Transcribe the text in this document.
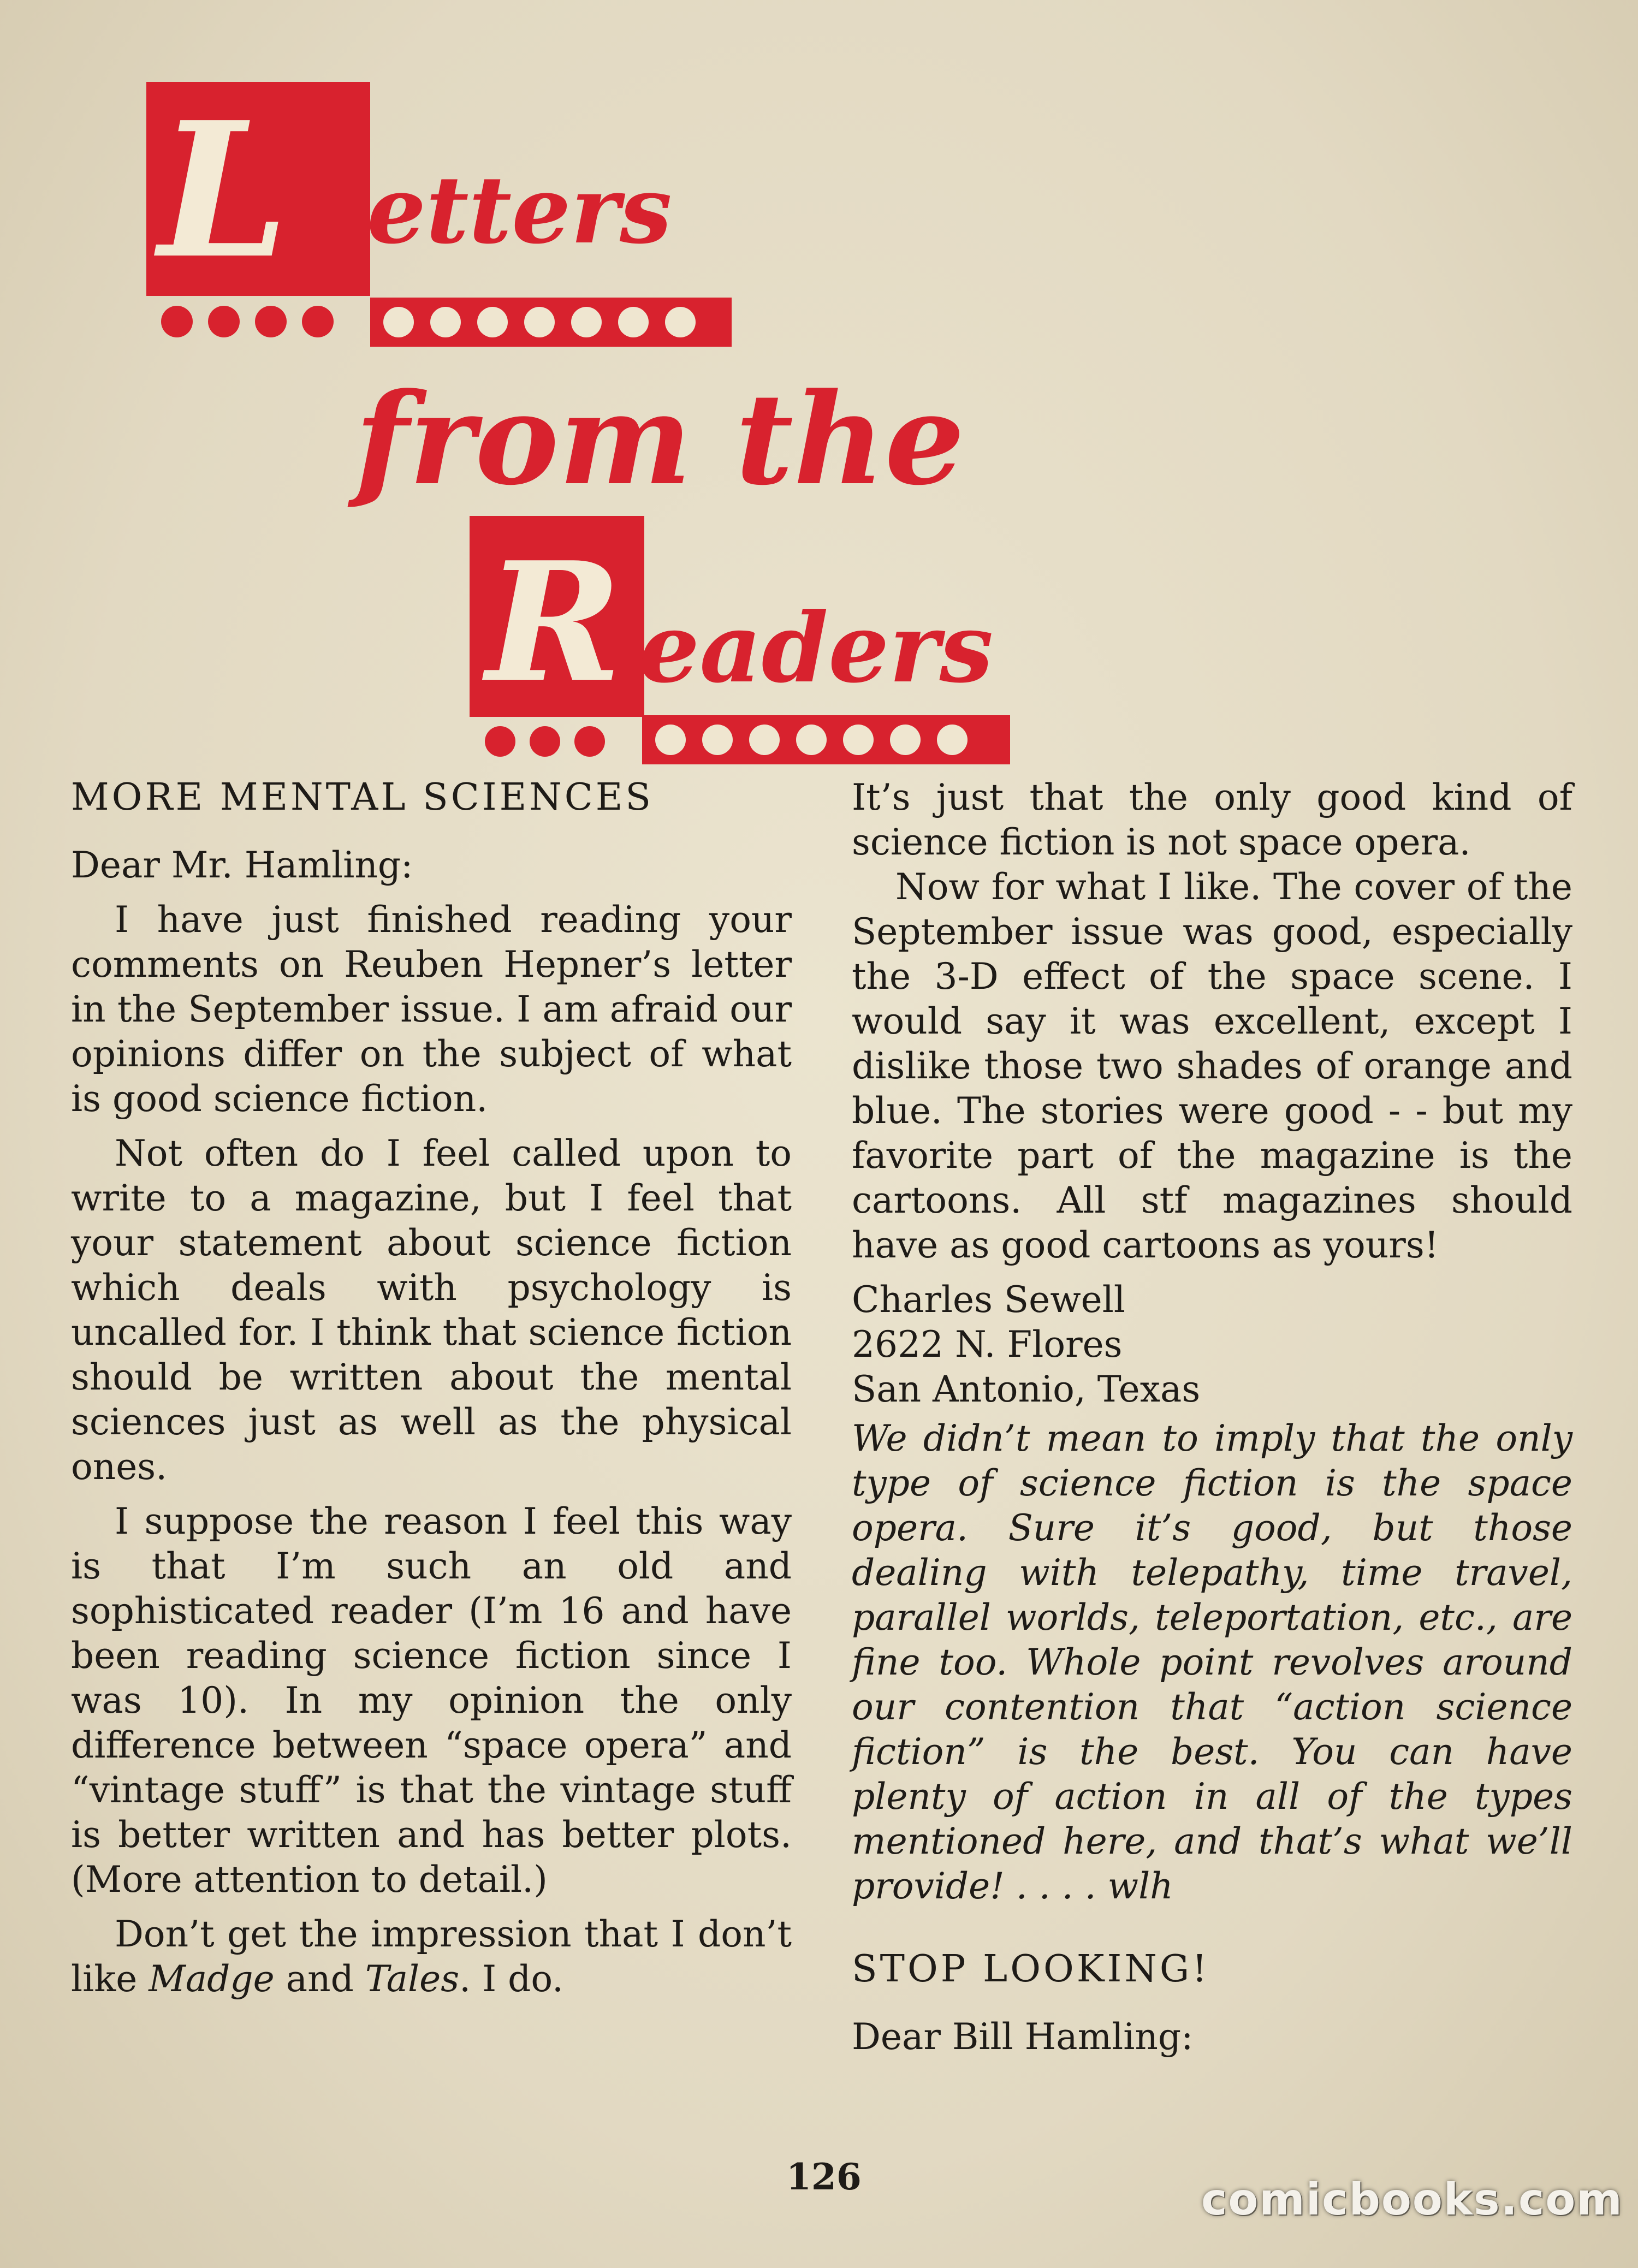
L etters
from the
R eaders
MORE MENTAL SCIENCES

Dear Mr. Hamling:

I have just finished reading your comments on Reuben Hepner’s letter in the September issue. I am afraid our opinions differ on the subject of what is good science fiction.

Not often do I feel called upon to write to a magazine, but I feel that your statement about science fiction which deals with psychology is uncalled for. I think that science fiction should be written about the mental sciences just as well as the physical ones.

I suppose the reason I feel this way is that I’m such an old and sophisticated reader (I’m 16 and have been reading science fiction since I was 10). In my opinion the only difference between “space opera” and “vintage stuff” is that the vintage stuff is better written and has better plots. (More attention to detail.)

Don’t get the impression that I don’t like Madge and Tales. I do.

It’s just that the only good kind of science fiction is not space opera.

Now for what I like. The cover of the September issue was good, especially the 3-D effect of the space scene. I would say it was excellent, except I dislike those two shades of orange and blue. The stories were good - - but my favorite part of the magazine is the cartoons. All stf magazines should have as good cartoons as yours!

Charles Sewell

2622 N. Flores

San Antonio, Texas

We didn’t mean to imply that the only type of science fiction is the space opera. Sure it’s good, but those dealing with telepathy, time travel, parallel worlds, teleportation, etc., are fine too. Whole point revolves around our contention that “action science fiction” is the best. You can have plenty of action in all of the types mentioned here, and that’s what we’ll provide! . . . . wlh

STOP LOOKING!

Dear Bill Hamling:

126	comicbooks.com
